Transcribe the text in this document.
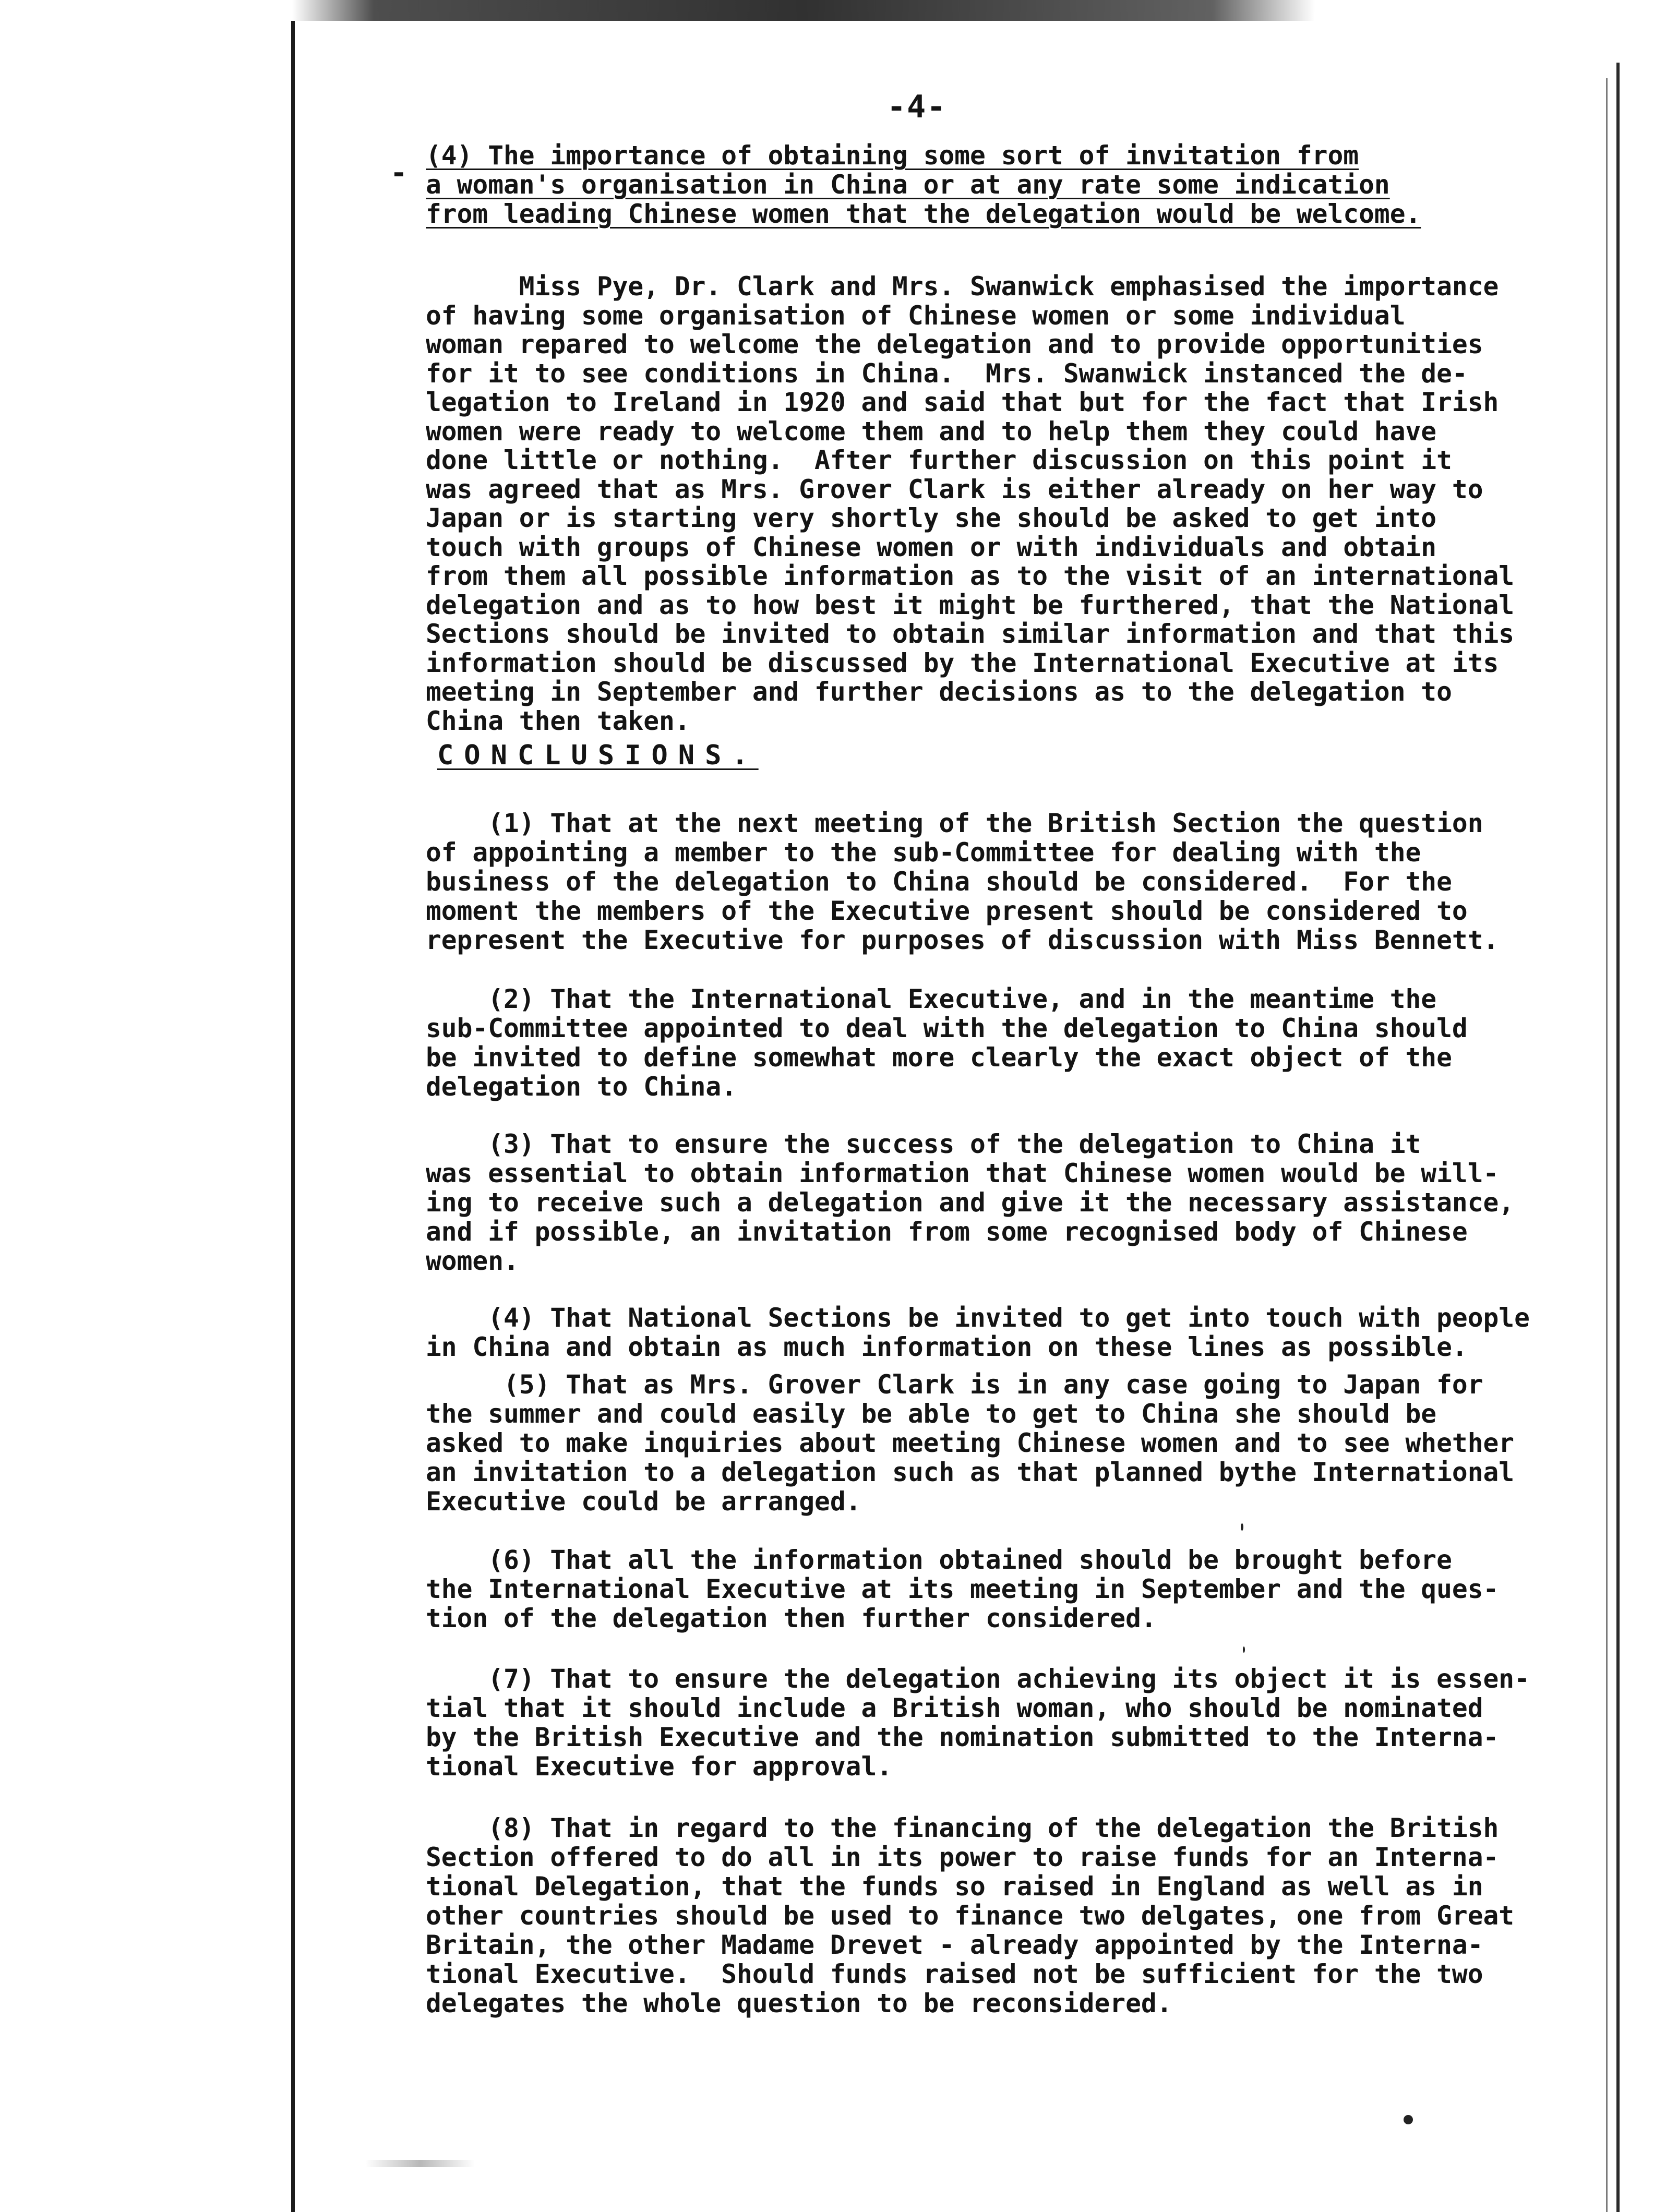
-4-
-
(4) The importance of obtaining some sort of invitation from
a woman's organisation in China or at any rate some indication
from leading Chinese women that the delegation would be welcome.
Miss Pye, Dr. Clark and Mrs. Swanwick emphasised the importance
of having some organisation of Chinese women or some individual
woman repared to welcome the delegation and to provide opportunities
for it to see conditions in China.  Mrs. Swanwick instanced the de-
legation to Ireland in 1920 and said that but for the fact that Irish
women were ready to welcome them and to help them they could have
done little or nothing.  After further discussion on this point it
was agreed that as Mrs. Grover Clark is either already on her way to
Japan or is starting very shortly she should be asked to get into
touch with groups of Chinese women or with individuals and obtain
from them all possible information as to the visit of an international
delegation and as to how best it might be furthered, that the National
Sections should be invited to obtain similar information and that this
information should be discussed by the International Executive at its
meeting in September and further decisions as to the delegation to
China then taken.
CONCLUSIONS.
(1) That at the next meeting of the British Section the question
of appointing a member to the sub-Committee for dealing with the
business of the delegation to China should be considered.  For the
moment the members of the Executive present should be considered to
represent the Executive for purposes of discussion with Miss Bennett.
(2) That the International Executive, and in the meantime the
sub-Committee appointed to deal with the delegation to China should
be invited to define somewhat more clearly the exact object of the
delegation to China.
(3) That to ensure the success of the delegation to China it
was essential to obtain information that Chinese women would be will-
ing to receive such a delegation and give it the necessary assistance,
and if possible, an invitation from some recognised body of Chinese
women.
(4) That National Sections be invited to get into touch with people
in China and obtain as much information on these lines as possible.
(5) That as Mrs. Grover Clark is in any case going to Japan for
the summer and could easily be able to get to China she should be
asked to make inquiries about meeting Chinese women and to see whether
an invitation to a delegation such as that planned bythe International
Executive could be arranged.
(6) That all the information obtained should be brought before
the International Executive at its meeting in September and the ques-
tion of the delegation then further considered.
(7) That to ensure the delegation achieving its object it is essen-
tial that it should include a British woman, who should be nominated
by the British Executive and the nomination submitted to the Interna-
tional Executive for approval.
(8) That in regard to the financing of the delegation the British
Section offered to do all in its power to raise funds for an Interna-
tional Delegation, that the funds so raised in England as well as in
other countries should be used to finance two delgates, one from Great
Britain, the other Madame Drevet - already appointed by the Interna-
tional Executive.  Should funds raised not be sufficient for the two
delegates the whole question to be reconsidered.
